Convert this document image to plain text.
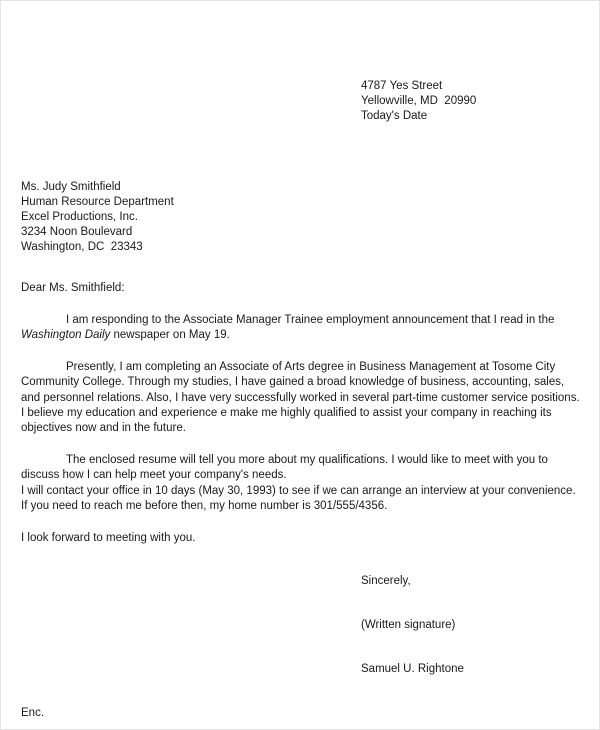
4787 Yes Street
Yellowville, MD  20990
Today's Date
Ms. Judy Smithfield
Human Resource Department
Excel Productions, Inc.
3234 Noon Boulevard
Washington, DC  23343
Dear Ms. Smithfield:
I am responding to the Associate Manager Trainee employment announcement that I read in the Washington Daily newspaper on May 19.
Presently, I am completing an Associate of Arts degree in Business Management at Tosome City Community College. Through my studies, I have gained a broad knowledge of business, accounting, sales, and personnel relations. Also, I have very successfully worked in several part-time customer service positions. I believe my education and experience e make me highly qualified to assist your company in reaching its objectives now and in the future.
The enclosed resume will tell you more about my qualifications. I would like to meet with you to discuss how I can help meet your company's needs.
I will contact your office in 10 days (May 30, 1993) to see if we can arrange an interview at your convenience. If you need to reach me before then, my home number is 301/555/4356.
I look forward to meeting with you.
Sincerely,
(Written signature)
Samuel U. Rightone
Enc.
